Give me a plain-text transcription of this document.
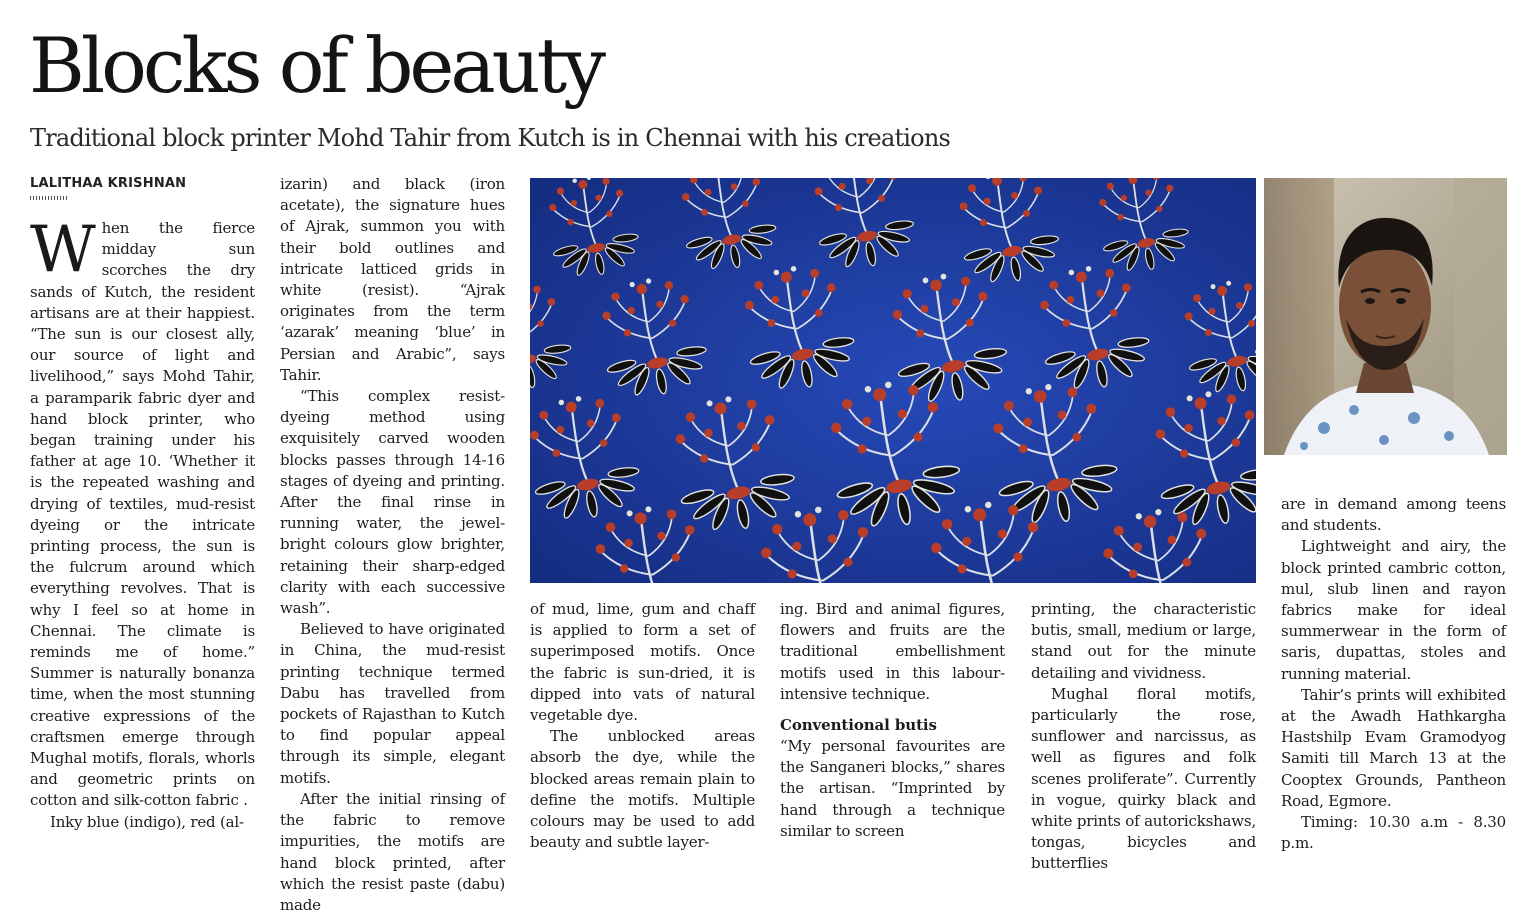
Blocks of beauty

Traditional block printer Mohd Tahir from Kutch is in Chennai with his creations

LALITHAA KRISHNAN

When the fierce midday sun scorches the dry sands of Kutch, the resident artisans are at their happiest. “The sun is our closest ally, our source of light and livelihood,” says Mohd Tahir, a paramparik fabric dyer and hand block printer, who began training under his father at age 10. ‘Whether it is the repeated washing and drying of textiles, mud-resist dyeing or the intricate printing process, the sun is the fulcrum around which everything revolves. That is why I feel so at home in Chennai. The climate is reminds me of home.” Summer is naturally bonanza time, when the most stunning creative expressions of the craftsmen emerge through Mughal motifs, florals, whorls and geometric prints on cotton and silk-cotton fabric .

Inky blue (indigo), red (al-

izarin) and black (iron acetate), the signature hues of Ajrak, summon you with their bold outlines and intricate latticed grids in white (resist). “Ajrak originates from the term ‘azarak’ meaning ‘blue’ in Persian and Arabic”, says Tahir.

“This complex resist-dyeing method using exquisitely carved wooden blocks passes through 14-16 stages of dyeing and printing. After the final rinse in running water, the jewel-bright colours glow brighter, retaining their sharp-edged clarity with each successive wash”.

Believed to have originated in China, the mud-resist printing technique termed Dabu has travelled from pockets of Rajasthan to Kutch to find popular appeal through its simple, elegant motifs.

After the initial rinsing of the fabric to remove impurities, the motifs are hand block printed, after which the resist paste (dabu) made

of mud, lime, gum and chaff is applied to form a set of superimposed motifs. Once the fabric is sun-dried, it is dipped into vats of natural vegetable dye.

The unblocked areas absorb the dye, while the blocked areas remain plain to define the motifs. Multiple colours may be used to add beauty and subtle layer-

ing. Bird and animal figures, flowers and fruits are the traditional embellishment motifs used in this labour-intensive technique.

Conventional butis

“My personal favourites are the Sanganeri blocks,” shares the artisan. “Imprinted by hand through a technique similar to screen

printing, the characteristic butis, small, medium or large, stand out for the minute detailing and vividness.

Mughal floral motifs, particularly the rose, sunflower and narcissus, as well as figures and folk scenes proliferate”. Currently in vogue, quirky black and white prints of autorickshaws, tongas, bicycles and butterflies

are in demand among teens and students.

Lightweight and airy, the block printed cambric cotton, mul, slub linen and rayon fabrics make for ideal summerwear in the form of saris, dupattas, stoles and running material.

Tahir’s prints will exhibited at the Awadh Hathkargha Hastshilp Evam Gramodyog Samiti till March 13 at the Cooptex Grounds, Pantheon Road, Egmore.

Timing: 10.30 a.m - 8.30 p.m.
